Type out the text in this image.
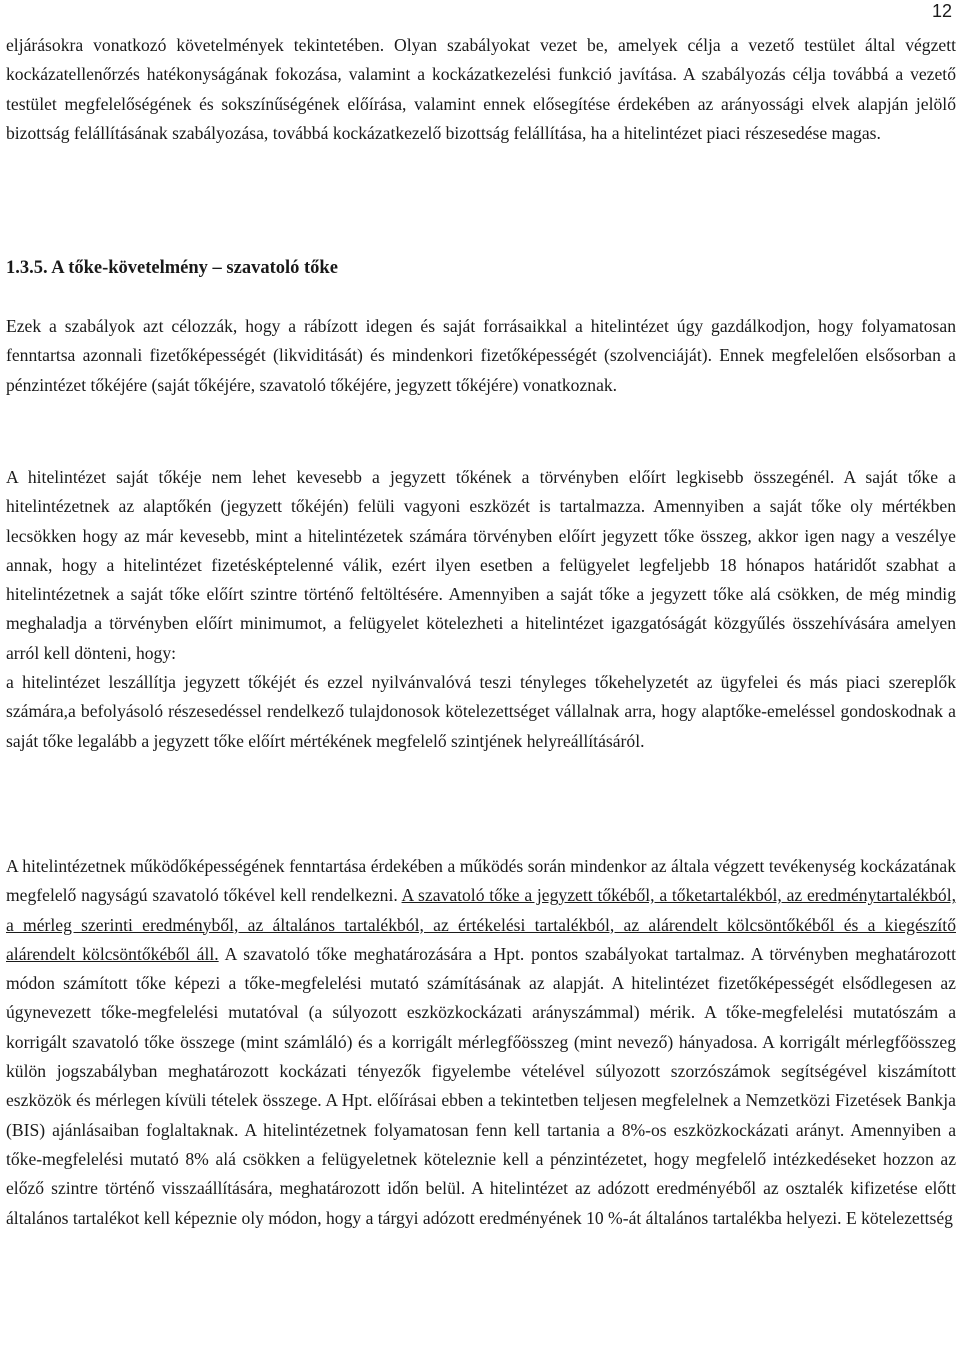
12

eljárásokra vonatkozó követelmények tekintetében. Olyan szabályokat vezet be, amelyek célja a vezető testület által végzett kockázatellenőrzés hatékonyságának fokozása, valamint a kockázatkezelési funkció javítása. A szabályozás célja továbbá a vezető testület megfelelőségének és sokszínűségének előírása, valamint ennek elősegítése érdekében az arányossági elvek alapján jelölő bizottság felállításának szabályozása, továbbá kockázatkezelő bizottság felállítása, ha a hitelintézet piaci részesedése magas.

1.3.5. A tőke-követelmény – szavatoló tőke

Ezek a szabályok azt célozzák, hogy a rábízott idegen és saját forrásaikkal a hitelintézet úgy gazdálkodjon, hogy folyamatosan fenntartsa azonnali fizetőképességét (likviditását) és mindenkori fizetőképességét (szolvenciáját). Ennek megfelelően elsősorban a pénzintézet tőkéjére (saját tőkéjére, szavatoló tőkéjére, jegyzett tőkéjére) vonatkoznak.

A hitelintézet saját tőkéje nem lehet kevesebb a jegyzett tőkének a törvényben előírt legkisebb összegénél. A saját tőke a hitelintézetnek az alaptőkén (jegyzett tőkéjén) felüli vagyoni eszközét is tartalmazza. Amennyiben a saját tőke oly mértékben lecsökken hogy az már kevesebb, mint a hitelintézetek számára törvényben előírt jegyzett tőke összeg, akkor igen nagy a veszélye annak, hogy a hitelintézet fizetésképtelenné válik, ezért ilyen esetben a felügyelet legfeljebb 18 hónapos határidőt szabhat a hitelintézetnek a saját tőke előírt szintre történő feltöltésére. Amennyiben a saját tőke a jegyzett tőke alá csökken, de még mindig meghaladja a törvényben előírt minimumot, a felügyelet kötelezheti a hitelintézet igazgatóságát közgyűlés összehívására amelyen arról kell dönteni, hogy:

a hitelintézet leszállítja jegyzett tőkéjét és ezzel nyilvánvalóvá teszi tényleges tőkehelyzetét az ügyfelei és más piaci szereplők számára,a befolyásoló részesedéssel rendelkező tulajdonosok kötelezettséget vállalnak arra, hogy alaptőke-emeléssel gondoskodnak a saját tőke legalább a jegyzett tőke előírt mértékének megfelelő szintjének helyreállításáról.

A hitelintézetnek működőképességének fenntartása érdekében a működés során mindenkor az általa végzett tevékenység kockázatának megfelelő nagyságú szavatoló tőkével kell rendelkezni. A szavatoló tőke a jegyzett tőkéből, a tőketartalékból, az eredménytartalékból, a mérleg szerinti eredményből, az általános tartalékból, az értékelési tartalékból, az alárendelt kölcsöntőkéből és a kiegészítő alárendelt kölcsöntőkéből áll. A szavatoló tőke meghatározására a Hpt. pontos szabályokat tartalmaz. A törvényben meghatározott módon számított tőke képezi a tőke-megfelelési mutató számításának az alapját. A hitelintézet fizetőképességét elsődlegesen az úgynevezett tőke-megfelelési mutatóval (a súlyozott eszközkockázati arányszámmal) mérik. A tőke-megfelelési mutatószám a korrigált szavatoló tőke összege (mint számláló) és a korrigált mérlegfőösszeg (mint nevező) hányadosa. A korrigált mérlegfőösszeg külön jogszabályban meghatározott kockázati tényezők figyelembe vételével súlyozott szorzószámok segítségével kiszámított eszközök és mérlegen kívüli tételek összege. A Hpt. előírásai ebben a tekintetben teljesen megfelelnek a Nemzetközi Fizetések Bankja (BIS) ajánlásaiban foglaltaknak. A hitelintézetnek folyamatosan fenn kell tartania a 8%-os eszközkockázati arányt. Amennyiben a tőke-megfelelési mutató 8% alá csökken a felügyeletnek köteleznie kell a pénzintézetet, hogy megfelelő intézkedéseket hozzon az előző szintre történő visszaállítására, meghatározott időn belül. A hitelintézet az adózott eredményéből az osztalék kifizetése előtt általános tartalékot kell képeznie oly módon, hogy a tárgyi adózott eredményének 10 %-át általános tartalékba helyezi. E kötelezettség
